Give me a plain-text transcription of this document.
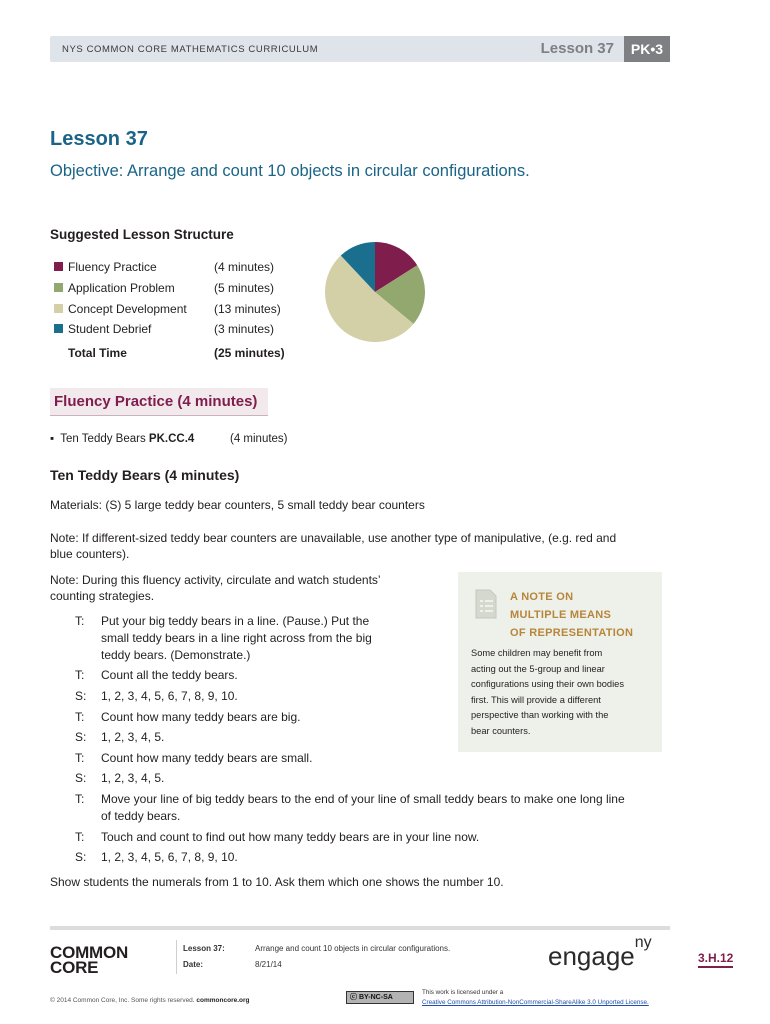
NYS COMMON CORE MATHEMATICS CURRICULUM	Lesson 37	PK•3
Lesson 37
Objective: Arrange and count 10 objects in circular configurations.
Suggested Lesson Structure
Fluency Practice	(4 minutes)
Application Problem	(5 minutes)
Concept Development (13 minutes)
Student Debrief	(3 minutes)
Total Time	(25 minutes)
Fluency Practice (4 minutes)
▪ Ten Teddy Bears PK.CC.4	(4 minutes)
Ten Teddy Bears (4 minutes)
Materials: (S) 5 large teddy bear counters, 5 small teddy bear counters
Note: If different-sized teddy bear counters are unavailable, use another type of manipulative, (e.g. red and
blue counters).
Note: During this fluency activity, circulate and watch students’
counting strategies.
T: Put your big teddy bears in a line. (Pause.) Put the
small teddy bears in a line right across from the big
teddy bears. (Demonstrate.)
T: Count all the teddy bears.
S: 1, 2, 3, 4, 5, 6, 7, 8, 9, 10.
T: Count how many teddy bears are big.
S: 1, 2, 3, 4, 5.
T: Count how many teddy bears are small.
S: 1, 2, 3, 4, 5.
T: Move your line of big teddy bears to the end of your line of small teddy bears to make one long line
of teddy bears.
T: Touch and count to find out how many teddy bears are in your line now.
S: 1, 2, 3, 4, 5, 6, 7, 8, 9, 10.
Show students the numerals from 1 to 10. Ask them which one shows the number 10.
A NOTE ON
MULTIPLE MEANS
OF REPRESENTATION
Some children may benefit from
acting out the 5-group and linear
configurations using their own bodies
first. This will provide a different
perspective than working with the
bear counters.
COMMON
CORE
Lesson 37:	Arrange and count 10 objects in circular configurations.
Date:	8/21/14	engage$^{ny}$
3.H.12
© 2014 Common Core, Inc. Some rights reserved. commoncore.org	ⓒ BY-NC-SA
This work is licensed under a
Creative Commons Attribution-NonCommercial-ShareAlike 3.0 Unported License.
